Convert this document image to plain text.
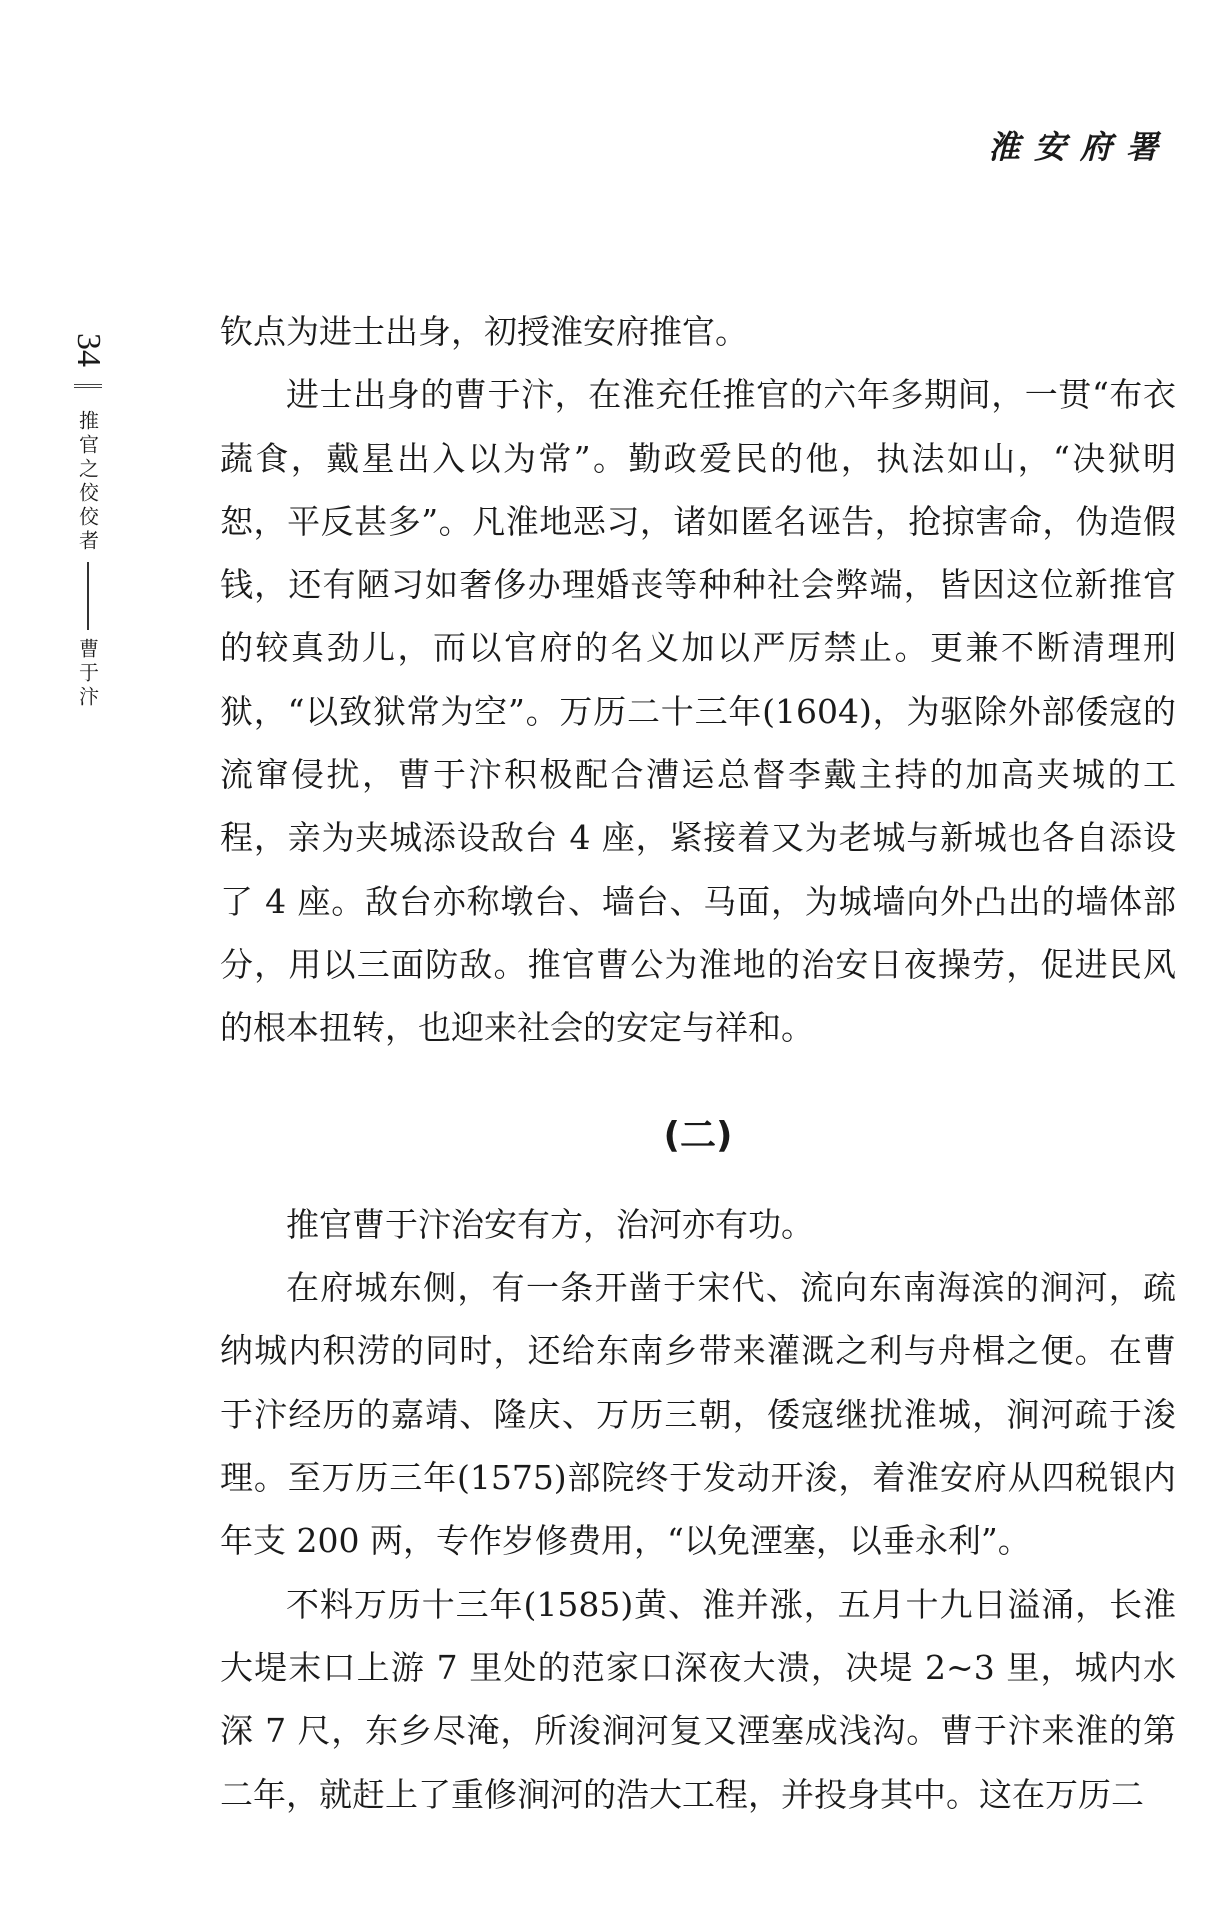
淮安府署
34
推官之佼佼者
曹于汴

钦点为进士出身，初授淮安府推官。

进士出身的曹于汴，在淮充任推官的六年多期间，一贯“布衣蔬食，戴星出入以为常”。勤政爱民的他，执法如山，“决狱明恕，平反甚多”。凡淮地恶习，诸如匿名诬告，抢掠害命，伪造假钱，还有陋习如奢侈办理婚丧等种种社会弊端，皆因这位新推官的较真劲儿，而以官府的名义加以严厉禁止。更兼不断清理刑狱，“以致狱常为空”。万历二十三年(1604)，为驱除外部倭寇的流窜侵扰，曹于汴积极配合漕运总督李戴主持的加高夹城的工程，亲为夹城添设敌台 4 座，紧接着又为老城与新城也各自添设了 4 座。敌台亦称墩台、墙台、马面，为城墙向外凸出的墙体部分，用以三面防敌。推官曹公为淮地的治安日夜操劳，促进民风的根本扭转，也迎来社会的安定与祥和。

(二)

推官曹于汴治安有方，治河亦有功。

在府城东侧，有一条开凿于宋代、流向东南海滨的涧河，疏纳城内积涝的同时，还给东南乡带来灌溉之利与舟楫之便。在曹于汴经历的嘉靖、隆庆、万历三朝，倭寇继扰淮城，涧河疏于浚理。至万历三年(1575)部院终于发动开浚，着淮安府从四税银内年支 200 两，专作岁修费用，“以免湮塞，以垂永利”。

不料万历十三年(1585)黄、淮并涨，五月十九日溢涌，长淮大堤末口上游 7 里处的范家口深夜大溃，决堤 2~3 里，城内水深 7 尺，东乡尽淹，所浚涧河复又湮塞成浅沟。曹于汴来淮的第二年，就赶上了重修涧河的浩大工程，并投身其中。这在万历二
